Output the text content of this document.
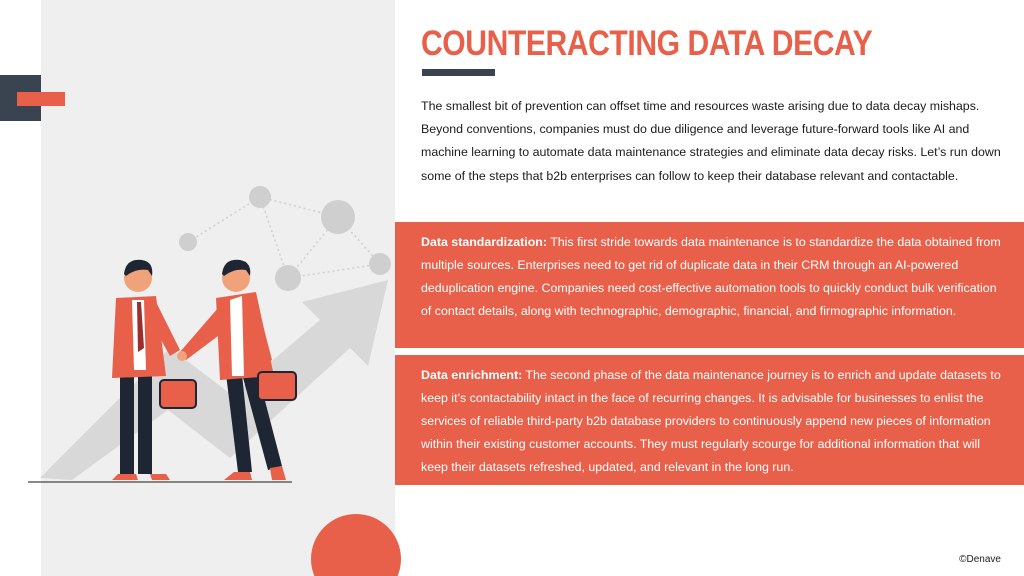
COUNTERACTING DATA DECAY

The smallest bit of prevention can offset time and resources waste arising due to data decay mishaps. Beyond conventions, companies must do due diligence and leverage future-forward tools like AI and machine learning to automate data maintenance strategies and eliminate data decay risks. Let’s run down some of the steps that b2b enterprises can follow to keep their database relevant and contactable.

Data standardization: This first stride towards data maintenance is to standardize the data obtained from multiple sources. Enterprises need to get rid of duplicate data in their CRM through an AI-powered deduplication engine. Companies need cost-effective automation tools to quickly conduct bulk verification of contact details, along with technographic, demographic, financial, and firmographic information.
Data enrichment: The second phase of the data maintenance journey is to enrich and update datasets to keep it’s contactability intact in the face of recurring changes. It is advisable for businesses to enlist the services of reliable third-party b2b database providers to continuously append new pieces of information within their existing customer accounts. They must regularly scourge for additional information that will keep their datasets refreshed, updated, and relevant in the long run.
©Denave
